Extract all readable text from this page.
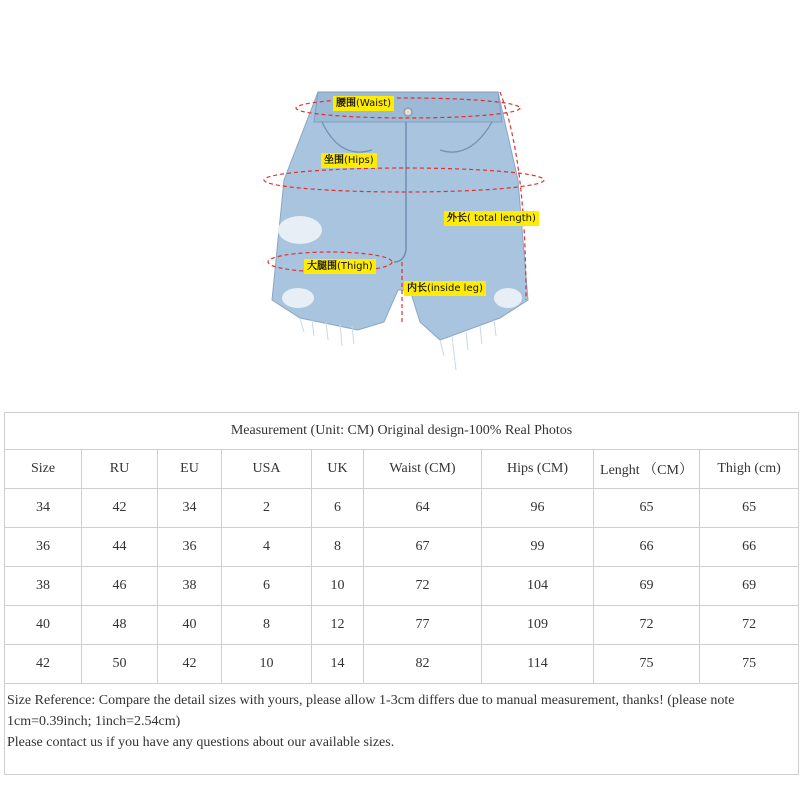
腰围(Waist)
坐围(Hips)
外长( total length)
大腿围(Thigh)
内长(inside leg)
Measurement (Unit: CM) Original design-100% Real Photos								
Size	RU	EU	USA	UK	Waist (CM)	Hips (CM)	Lenght （CM）	Thigh (cm)
34	42	34	2	6	64	96	65	65
36	44	36	4	8	67	99	66	66
38	46	38	6	10	72	104	69	69
40	48	40	8	12	77	109	72	72
42	50	42	10	14	82	114	75	75

Size Reference: Compare the detail sizes with yours, please allow 1-3cm differs due to manual measurement, thanks! (please note 1cm=0.39inch; 1inch=2.54cm)
Please contact us if you have any questions about our available sizes.								
